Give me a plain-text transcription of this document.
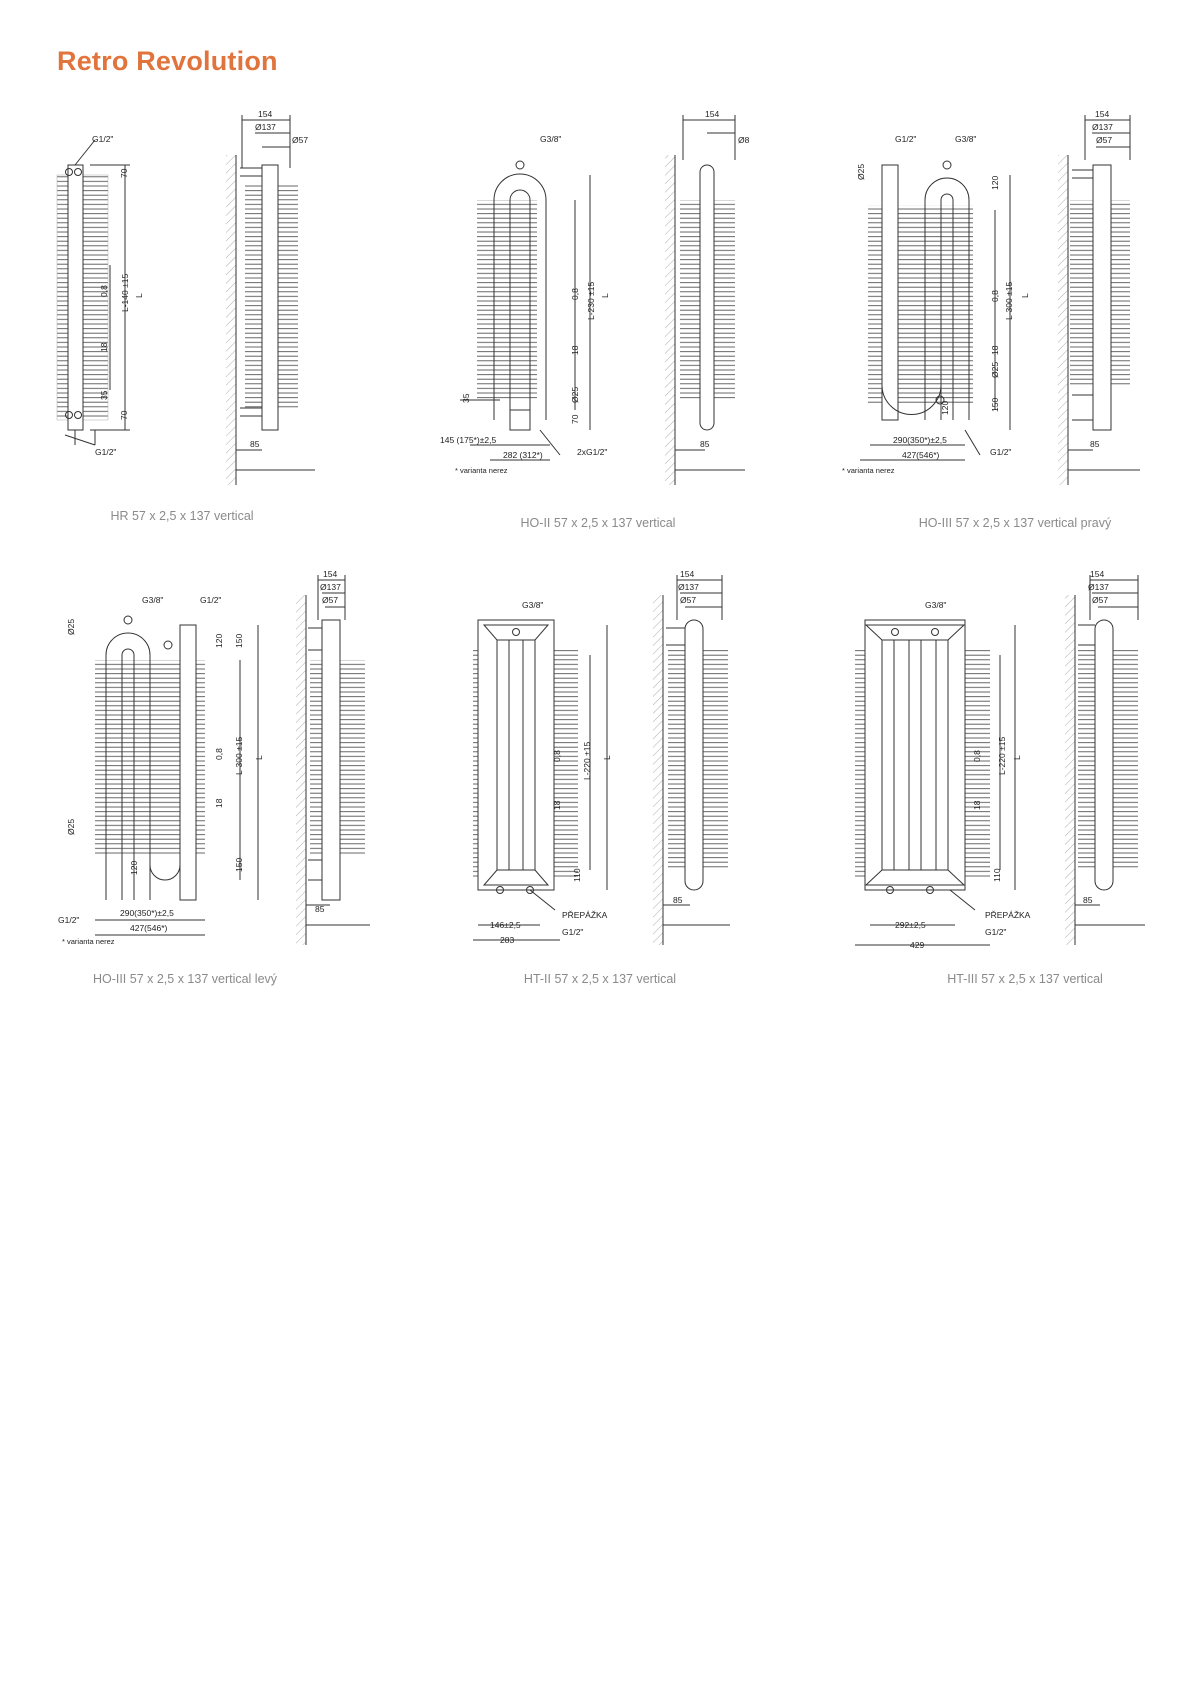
Retro Revolution
G1/2"
G1/2"
70
70
35
0,8
18
L-140 ±15 L
154
Ø137
Ø57
85
G3/8"
35
0,8
18
Ø25
70
L-230 ±15 L
145 (175*)±2,5
282 (312*)	2xG1/2"
* varianta nerez
154
Ø8
85
G1/2"	G3/8"
Ø25
120
0,8
18
Ø25
150
120
L-300 ±15 L
290(350*)±2,5
427(546*)	G1/2"
* varianta nerez
154
Ø137
Ø57
85
G3/8"	G1/2"
Ø25
Ø25
120 150
0,8
18
150
120
L-300 ±15 L
290(350*)±2,5
427(546*)
G1/2"
* varianta nerez
154
Ø137
Ø57
85
G3/8"
0,8
18
110
L-220 ±15 L
PŘEPÁŽKA
G1/2"
146±2,5
283
154
Ø137
Ø57
85
G3/8"
0,8
18
110
L-220 ±15 L
PŘEPÁŽKA
G1/2"
292±2,5
429
154
Ø137
Ø57
85
HR 57 x 2,5 x 137 vertical	HO-II 57 x 2,5 x 137 vertical	HO-III 57 x 2,5 x 137 vertical pravý
HO-III 57 x 2,5 x 137 vertical levý	HT-II 57 x 2,5 x 137 vertical	HT-III 57 x 2,5 x 137 vertical
